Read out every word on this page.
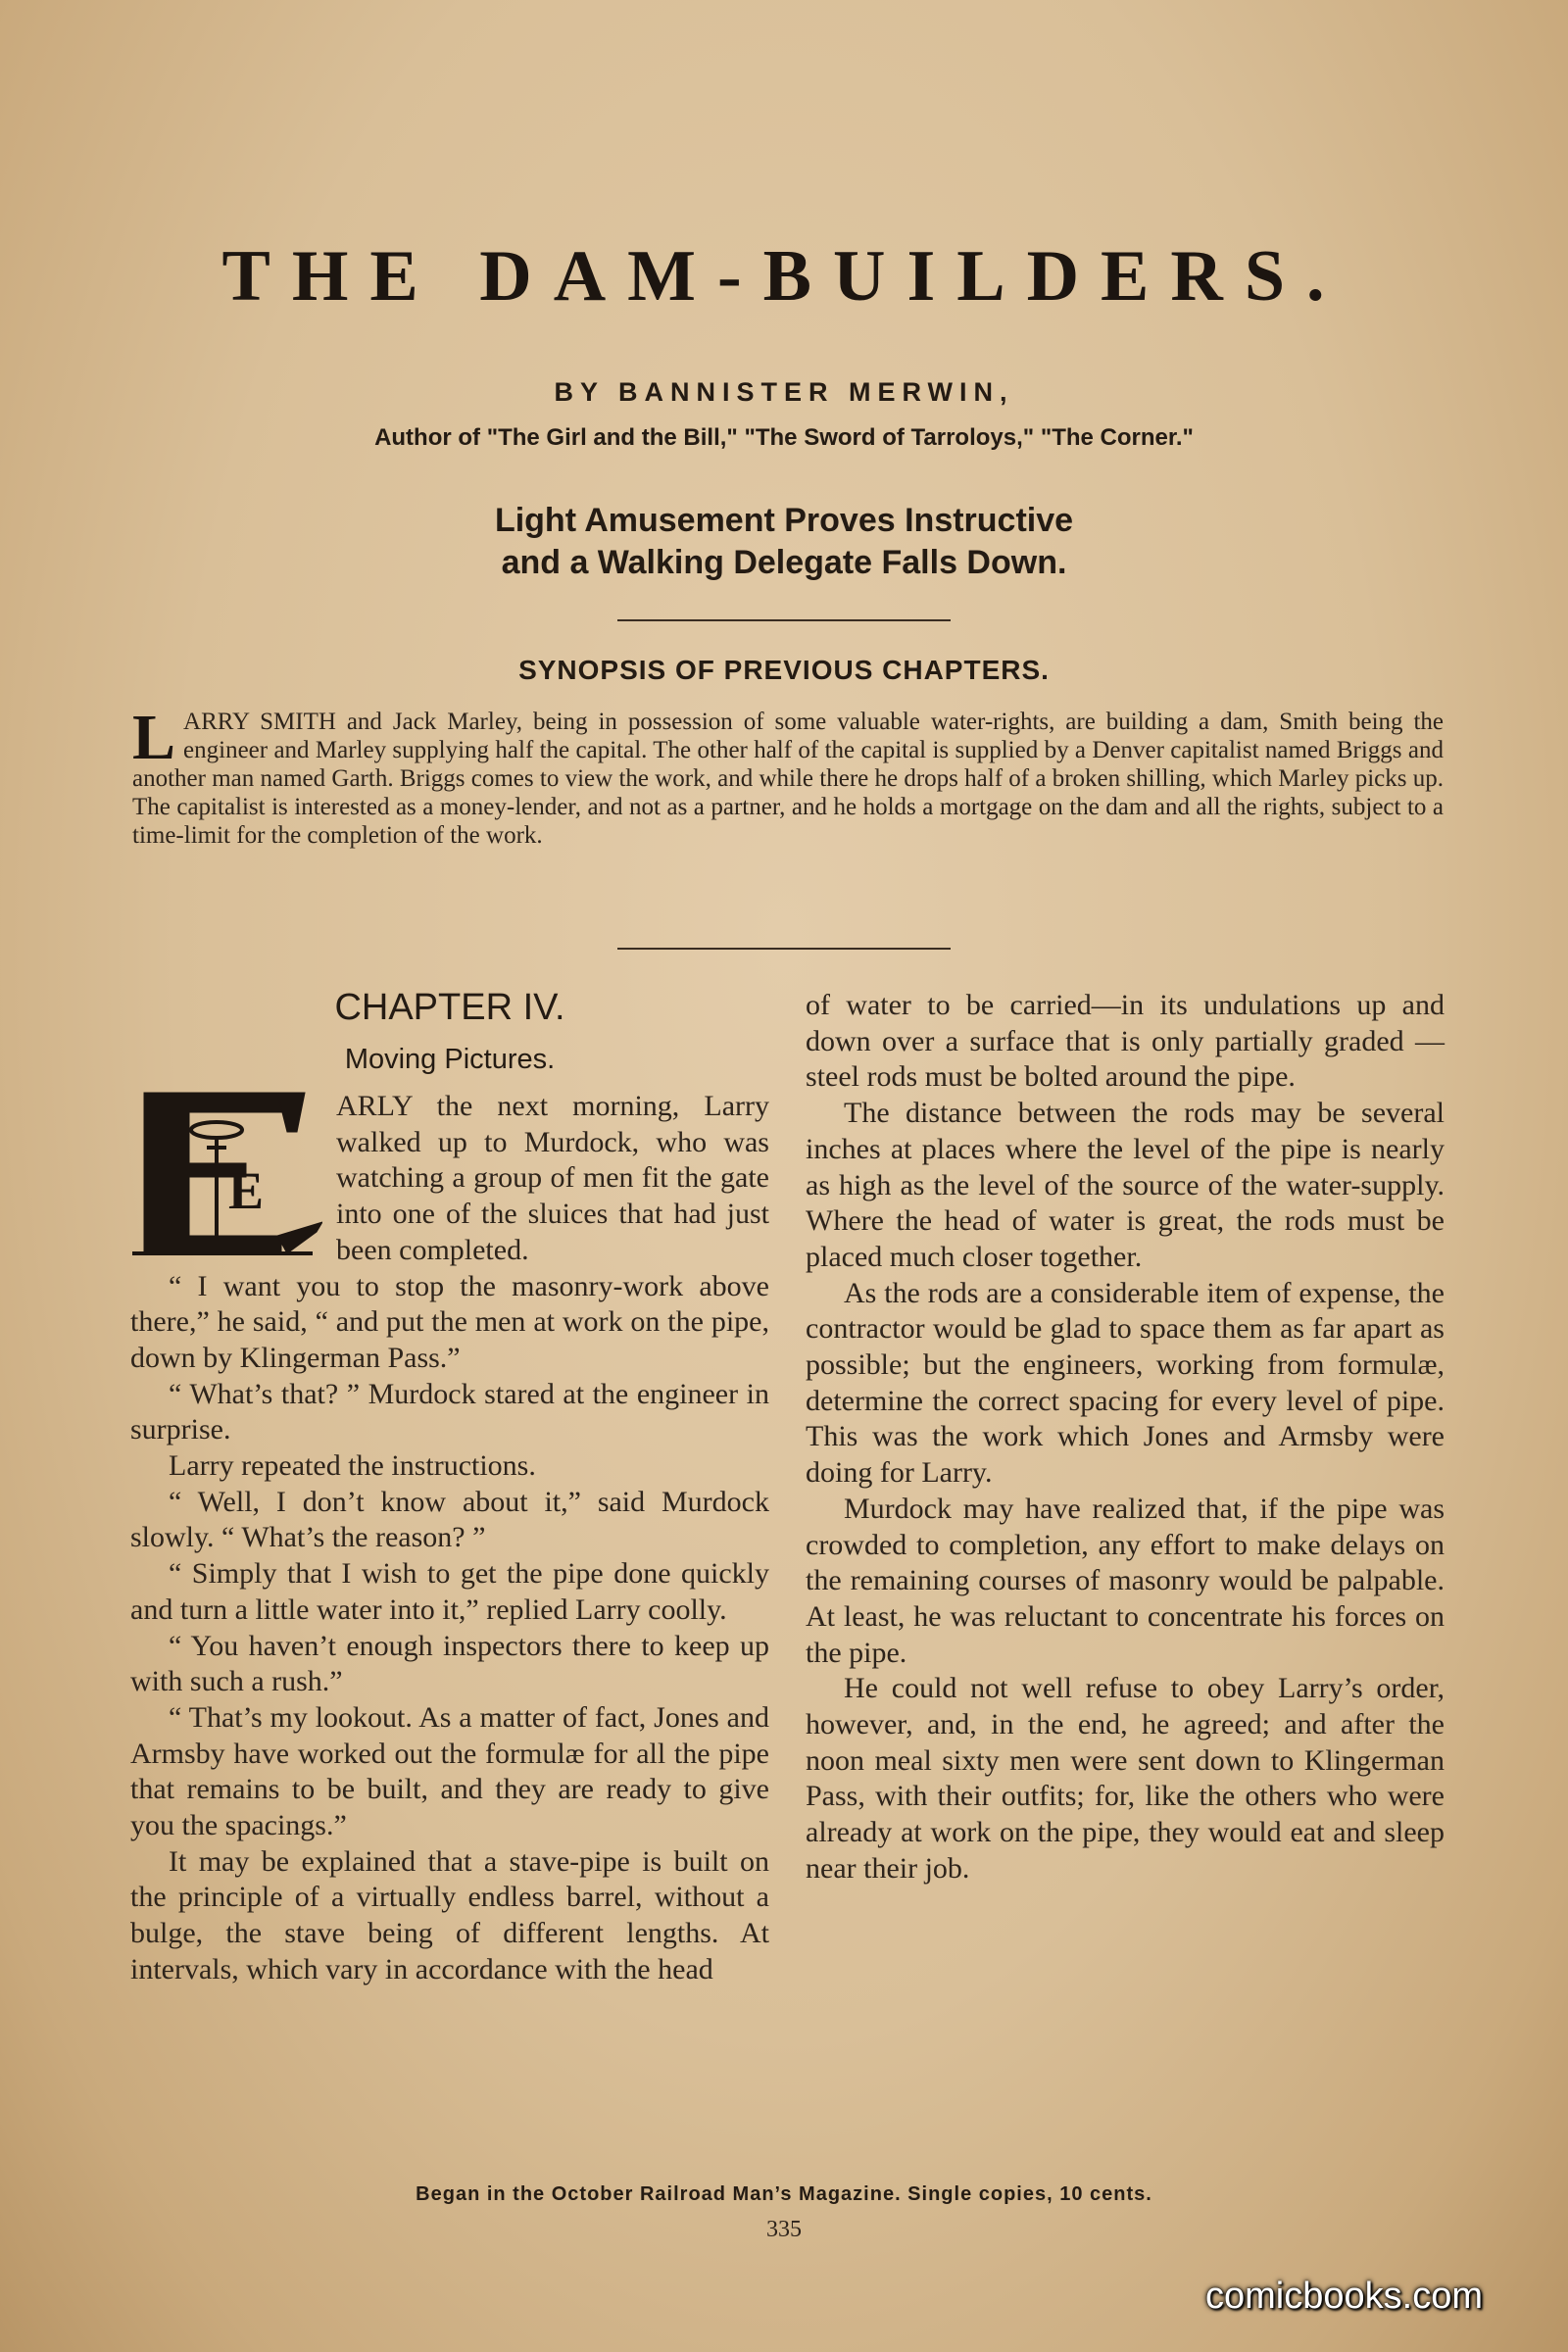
THE DAM-BUILDERS.
BY BANNISTER MERWIN,
Author of "The Girl and the Bill," "The Sword of Tarroloys," "The Corner."
Light Amusement Proves Instructive
and a Walking Delegate Falls Down.
SYNOPSIS OF PREVIOUS CHAPTERS.

LARRY SMITH and Jack Marley, being in possession of some valuable water-rights, are building a dam, Smith being the engineer and Marley supplying half the capital. The other half of the capital is supplied by a Denver capitalist named Briggs and another man named Garth. Briggs comes to view the work, and while there he drops half of a broken shilling, which Marley picks up. The capitalist is interested as a money-lender, and not as a partner, and he holds a mortgage on the dam and all the rights, subject to a time-limit for the completion of the work.

CHAPTER IV.
Moving Pictures.
E

ARLY the next morning, Larry walked up to Murdock, who was watching a group of men fit the gate into one of the sluices that had just been completed.

“ I want you to stop the masonry-work above there,” he said, “ and put the men at work on the pipe, down by Klingerman Pass.”

“ What’s that? ” Murdock stared at the engineer in surprise.

Larry repeated the instructions.

“ Well, I don’t know about it,” said Murdock slowly. “ What’s the reason? ”

“ Simply that I wish to get the pipe done quickly and turn a little water into it,” replied Larry coolly.

“ You haven’t enough inspectors there to keep up with such a rush.”

“ That’s my lookout. As a matter of fact, Jones and Armsby have worked out the formulæ for all the pipe that remains to be built, and they are ready to give you the spacings.”

It may be explained that a stave-pipe is built on the principle of a virtually endless barrel, without a bulge, the stave being of different lengths. At intervals, which vary in accordance with the head

of water to be carried—in its undulations up and down over a surface that is only partially graded — steel rods must be bolted around the pipe.

The distance between the rods may be several inches at places where the level of the pipe is nearly as high as the level of the source of the water-supply. Where the head of water is great, the rods must be placed much closer together.

As the rods are a considerable item of expense, the contractor would be glad to space them as far apart as possible; but the engineers, working from formulæ, determine the correct spacing for every level of pipe. This was the work which Jones and Armsby were doing for Larry.

Murdock may have realized that, if the pipe was crowded to completion, any effort to make delays on the remaining courses of masonry would be palpable. At least, he was reluctant to concentrate his forces on the pipe.

He could not well refuse to obey Larry’s order, however, and, in the end, he agreed; and after the noon meal sixty men were sent down to Klingerman Pass, with their outfits; for, like the others who were already at work on the pipe, they would eat and sleep near their job.

Began in the October Railroad Man’s Magazine. Single copies, 10 cents.
335
comicbooks.com
